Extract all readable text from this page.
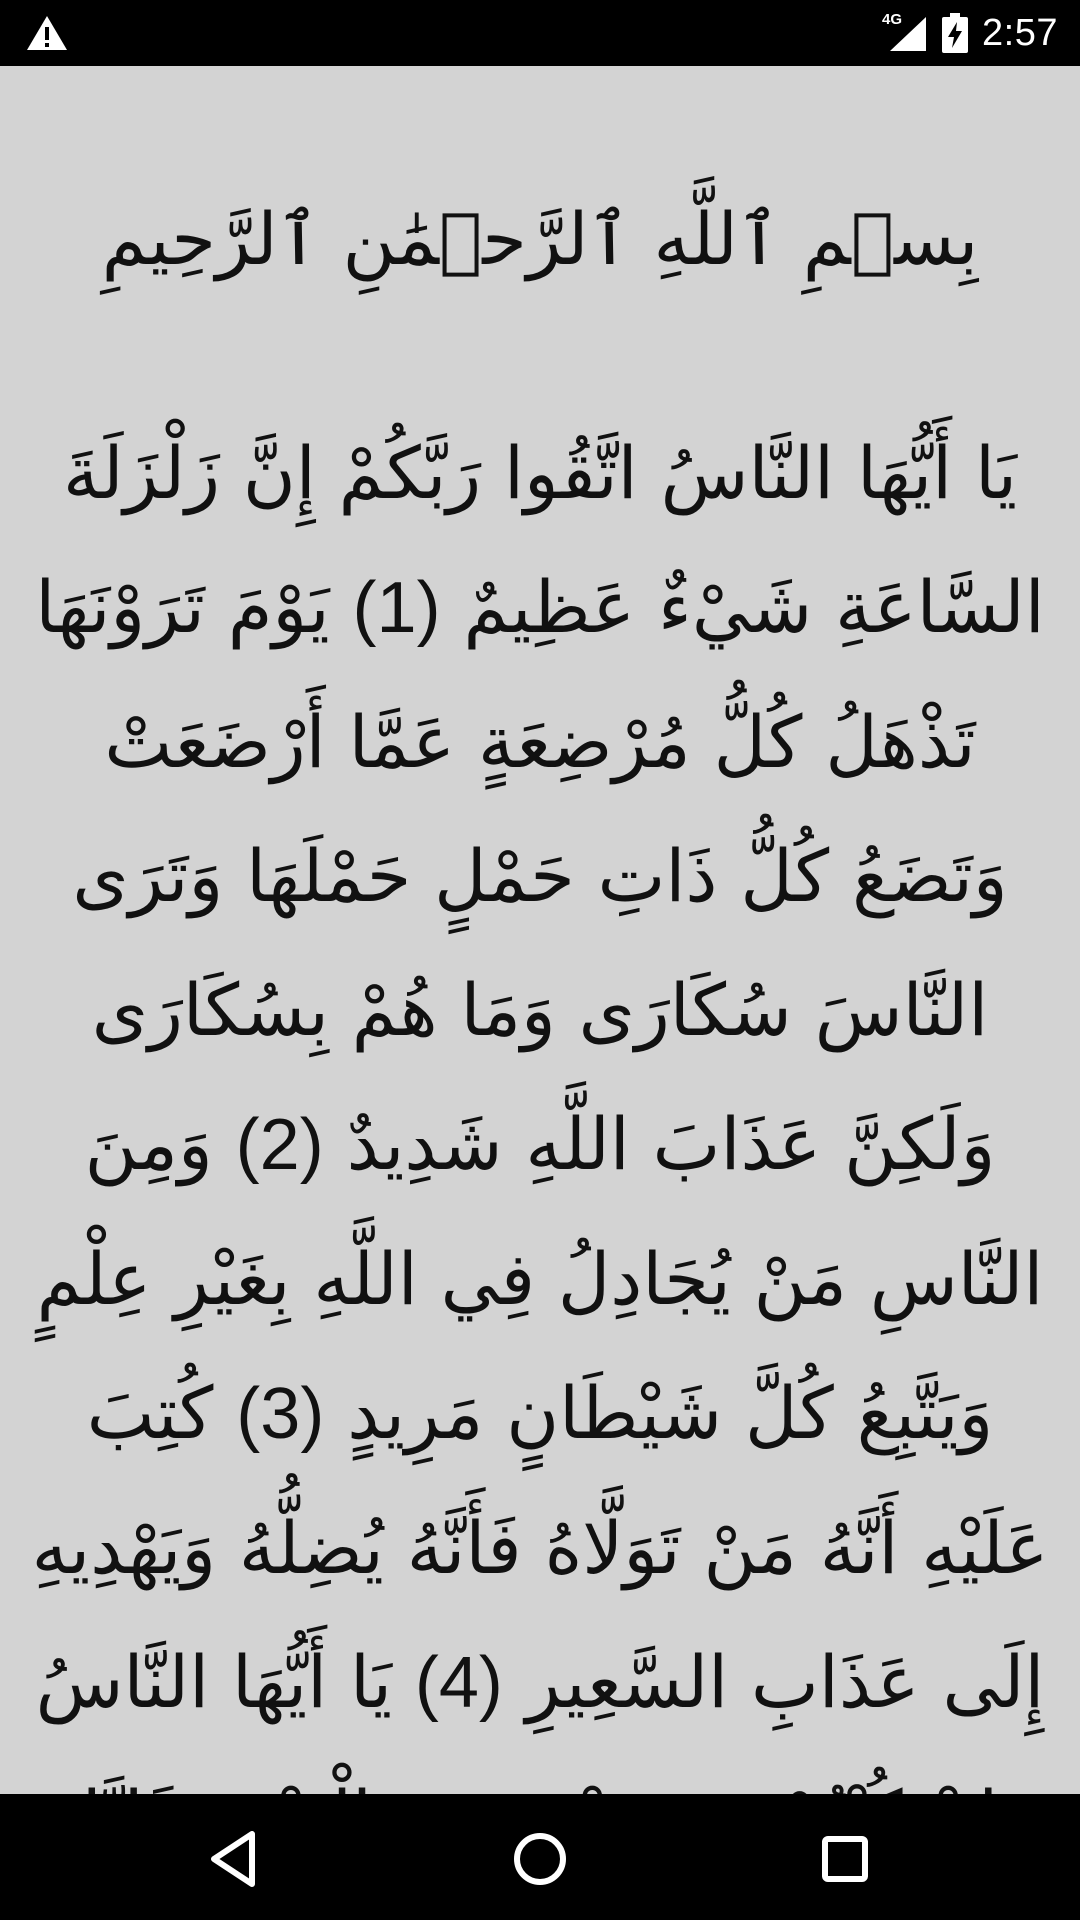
4G 2:57
بِسۡمِ ٱللَّهِ ٱلرَّحۡمَٰنِ ٱلرَّحِيمِ
يَا أَيُّهَا النَّاسُ اتَّقُوا رَبَّكُمْ إِنَّ زَلْزَلَةَ السَّاعَةِ شَيْءٌ عَظِيمٌ (1) يَوْمَ تَرَوْنَهَا تَذْهَلُ كُلُّ مُرْضِعَةٍ عَمَّا أَرْضَعَتْ وَتَضَعُ كُلُّ ذَاتِ حَمْلٍ حَمْلَهَا وَتَرَى النَّاسَ سُكَارَى وَمَا هُمْ بِسُكَارَى وَلَكِنَّ عَذَابَ اللَّهِ شَدِيدٌ (2) وَمِنَ النَّاسِ مَنْ يُجَادِلُ فِي اللَّهِ بِغَيْرِ عِلْمٍ وَيَتَّبِعُ كُلَّ شَيْطَانٍ مَرِيدٍ (3) كُتِبَ عَلَيْهِ أَنَّهُ مَنْ تَوَلَّاهُ فَأَنَّهُ يُضِلُّهُ وَيَهْدِيهِ إِلَى عَذَابِ السَّعِيرِ (4) يَا أَيُّهَا النَّاسُ
